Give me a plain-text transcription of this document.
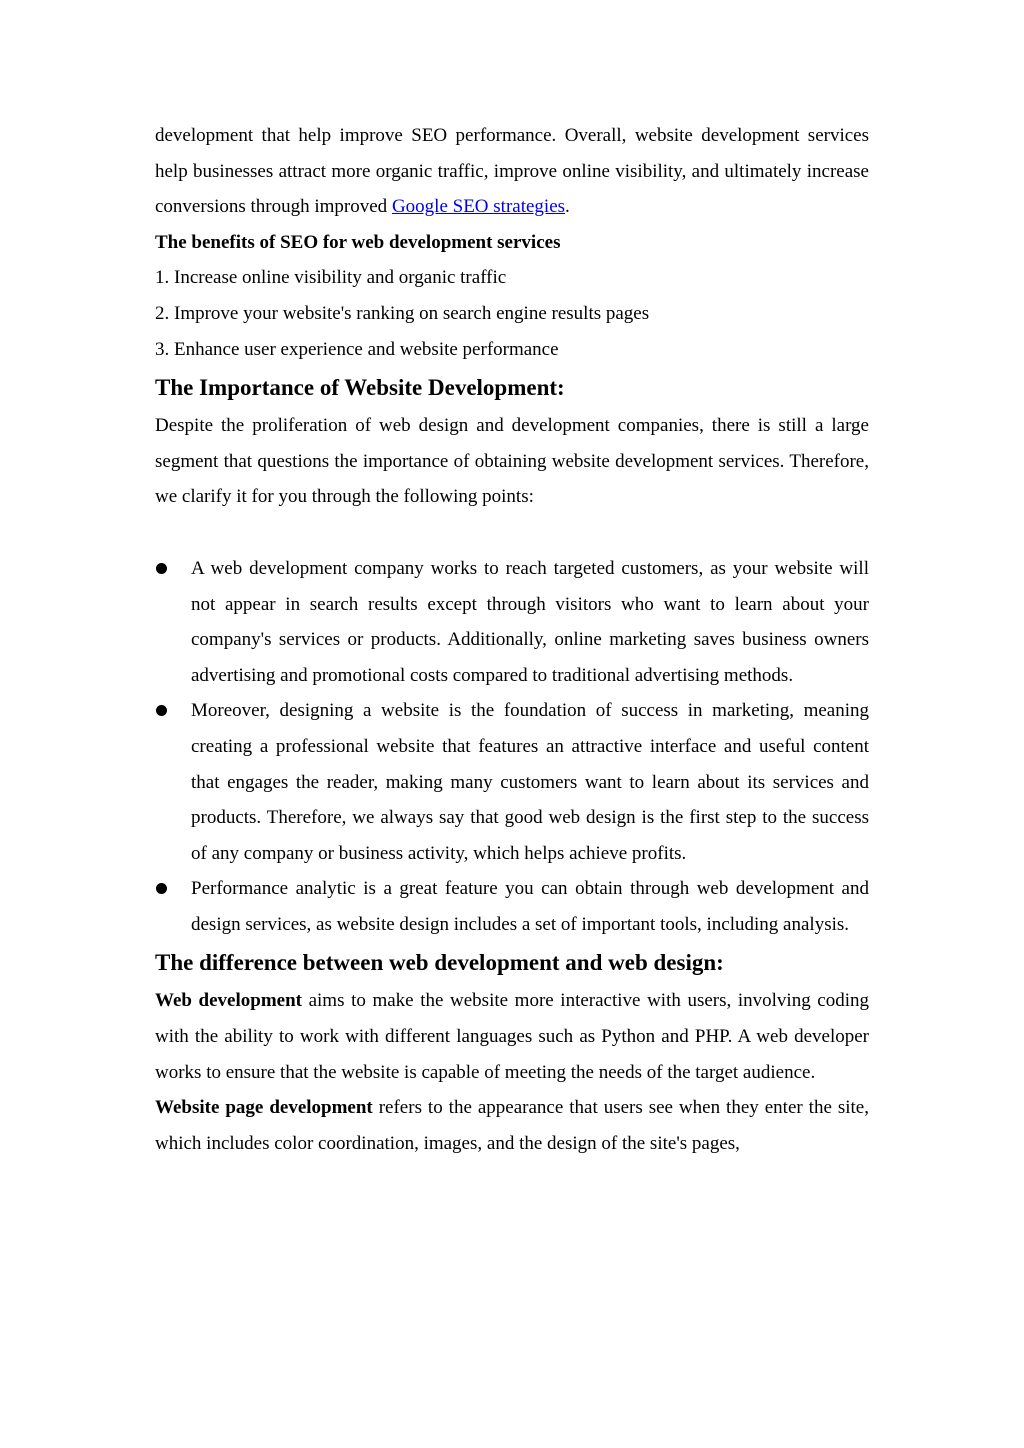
development that help improve SEO performance. Overall, website development services help businesses attract more organic traffic, improve online visibility, and ultimately increase conversions through improved Google SEO strategies.

The benefits of SEO for web development services

1. Increase online visibility and organic traffic

2. Improve your website's ranking on search engine results pages

3. Enhance user experience and website performance

The Importance of Website Development:

Despite the proliferation of web design and development companies, there is still a large segment that questions the importance of obtaining website development services. Therefore, we clarify it for you through the following points:

A web development company works to reach targeted customers, as your website will not appear in search results except through visitors who want to learn about your company's services or products. Additionally, online marketing saves business owners advertising and promotional costs compared to traditional advertising methods.
Moreover, designing a website is the foundation of success in marketing, meaning creating a professional website that features an attractive interface and useful content that engages the reader, making many customers want to learn about its services and products. Therefore, we always say that good web design is the first step to the success of any company or business activity, which helps achieve profits.
Performance analytic is a great feature you can obtain through web development and design services, as website design includes a set of important tools, including analysis.
The difference between web development and web design:

Web development aims to make the website more interactive with users, involving coding with the ability to work with different languages such as Python and PHP. A web developer works to ensure that the website is capable of meeting the needs of the target audience.

Website page development refers to the appearance that users see when they enter the site, which includes color coordination, images, and the design of the site's pages,
